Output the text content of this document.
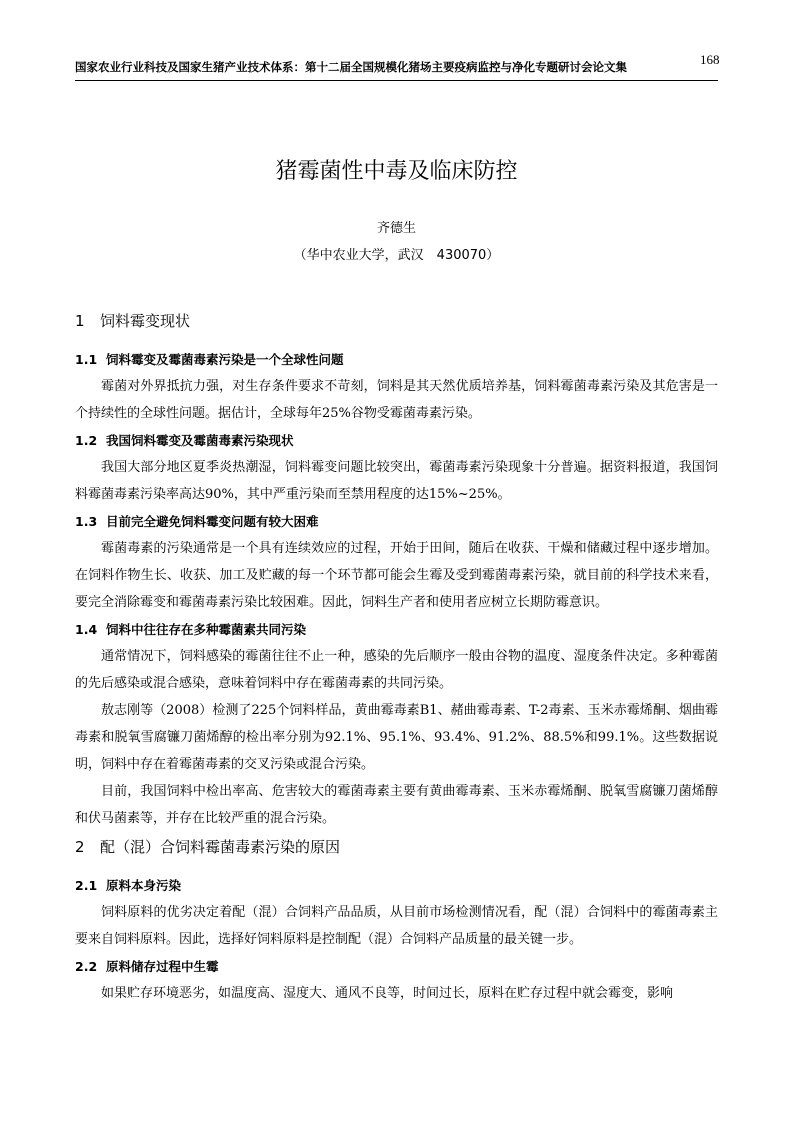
国家农业行业科技及国家生猪产业技术体系：第十二届全国规模化猪场主要疫病监控与净化专题研讨会论文集	168
猪霉菌性中毒及临床防控
齐德生
（华中农业大学，武汉　430070）
1 饲料霉变现状
1.1 饲料霉变及霉菌毒素污染是一个全球性问题

霉菌对外界抵抗力强，对生存条件要求不苛刻，饲料是其天然优质培养基，饲料霉菌毒素污染及其危害是一个持续性的全球性问题。据估计，全球每年25%谷物受霉菌毒素污染。

1.2 我国饲料霉变及霉菌毒素污染现状

我国大部分地区夏季炎热潮湿，饲料霉变问题比较突出，霉菌毒素污染现象十分普遍。据资料报道，我国饲料霉菌毒素污染率高达90%，其中严重污染而至禁用程度的达15%~25%。

1.3 目前完全避免饲料霉变问题有较大困难

霉菌毒素的污染通常是一个具有连续效应的过程，开始于田间，随后在收获、干燥和储藏过程中逐步增加。在饲料作物生长、收获、加工及贮藏的每一个环节都可能会生霉及受到霉菌毒素污染，就目前的科学技术来看，要完全消除霉变和霉菌毒素污染比较困难。因此，饲料生产者和使用者应树立长期防霉意识。

1.4 饲料中往往存在多种霉菌素共同污染

通常情况下，饲料感染的霉菌往往不止一种，感染的先后顺序一般由谷物的温度、湿度条件决定。多种霉菌的先后感染或混合感染，意味着饲料中存在霉菌毒素的共同污染。

敖志刚等（2008）检测了225个饲料样品，黄曲霉毒素B1、赭曲霉毒素、T-2毒素、玉米赤霉烯酮、烟曲霉毒素和脱氧雪腐镰刀菌烯醇的检出率分别为92.1%、95.1%、93.4%、91.2%、88.5%和99.1%。这些数据说明，饲料中存在着霉菌毒素的交叉污染或混合污染。

目前，我国饲料中检出率高、危害较大的霉菌毒素主要有黄曲霉毒素、玉米赤霉烯酮、脱氧雪腐镰刀菌烯醇和伏马菌素等，并存在比较严重的混合污染。

2 配（混）合饲料霉菌毒素污染的原因
2.1 原料本身污染

饲料原料的优劣决定着配（混）合饲料产品品质，从目前市场检测情况看，配（混）合饲料中的霉菌毒素主要来自饲料原料。因此，选择好饲料原料是控制配（混）合饲料产品质量的最关键一步。

2.2 原料储存过程中生霉

如果贮存环境恶劣，如温度高、湿度大、通风不良等，时间过长，原料在贮存过程中就会霉变，影响
